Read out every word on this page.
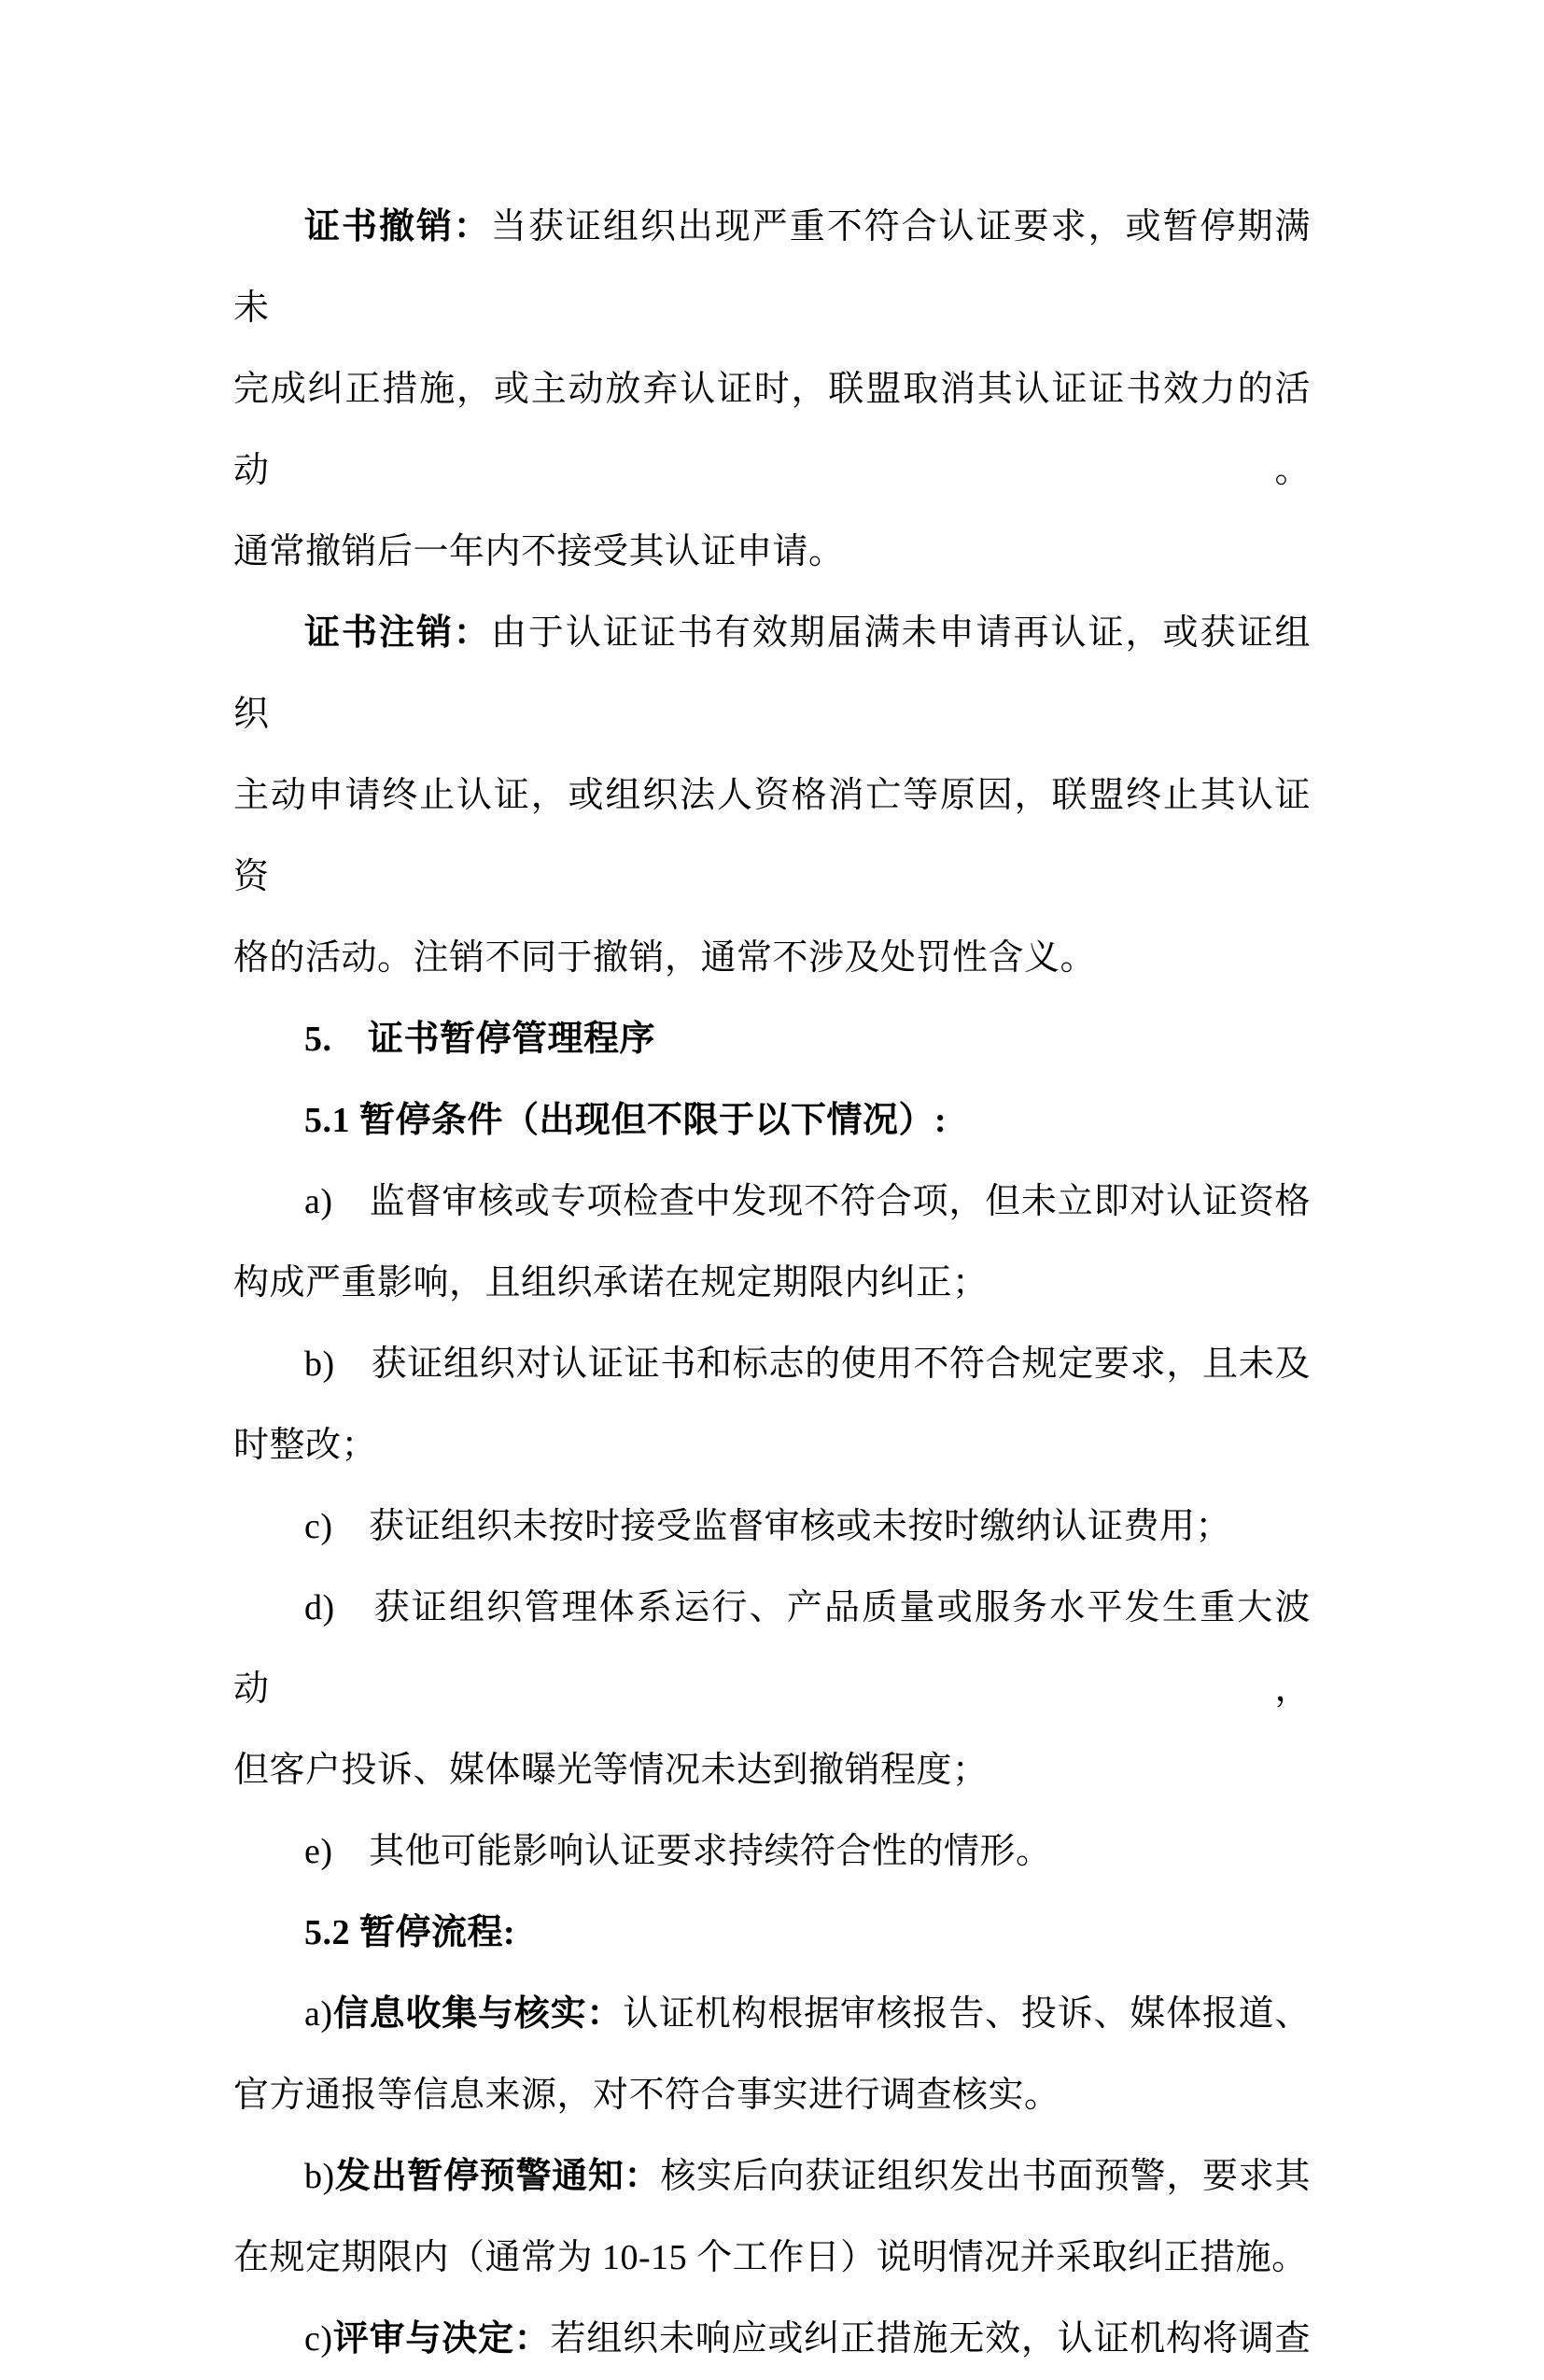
证书撤销：当获证组织出现严重不符合认证要求，或暂停期满未
完成纠正措施，或主动放弃认证时，联盟取消其认证证书效力的活动。
通常撤销后一年内不接受其认证申请。
证书注销：由于认证证书有效期届满未申请再认证，或获证组织
主动申请终止认证，或组织法人资格消亡等原因，联盟终止其认证资
格的活动。注销不同于撤销，通常不涉及处罚性含义。
5.　证书暂停管理程序
5.1 暂停条件（出现但不限于以下情况）:
a)　监督审核或专项检查中发现不符合项，但未立即对认证资格
构成严重影响，且组织承诺在规定期限内纠正；
b)　获证组织对认证证书和标志的使用不符合规定要求，且未及
时整改；
c)　获证组织未按时接受监督审核或未按时缴纳认证费用；
d)　获证组织管理体系运行、产品质量或服务水平发生重大波动，
但客户投诉、媒体曝光等情况未达到撤销程度；
e)　其他可能影响认证要求持续符合性的情形。
5.2 暂停流程:
a)信息收集与核实：认证机构根据审核报告、投诉、媒体报道、
官方通报等信息来源，对不符合事实进行调查核实。
b)发出暂停预警通知：核实后向获证组织发出书面预警，要求其
在规定期限内（通常为 10-15 个工作日）说明情况并采取纠正措施。
c)评审与决定：若组织未响应或纠正措施无效，认证机构将调查
